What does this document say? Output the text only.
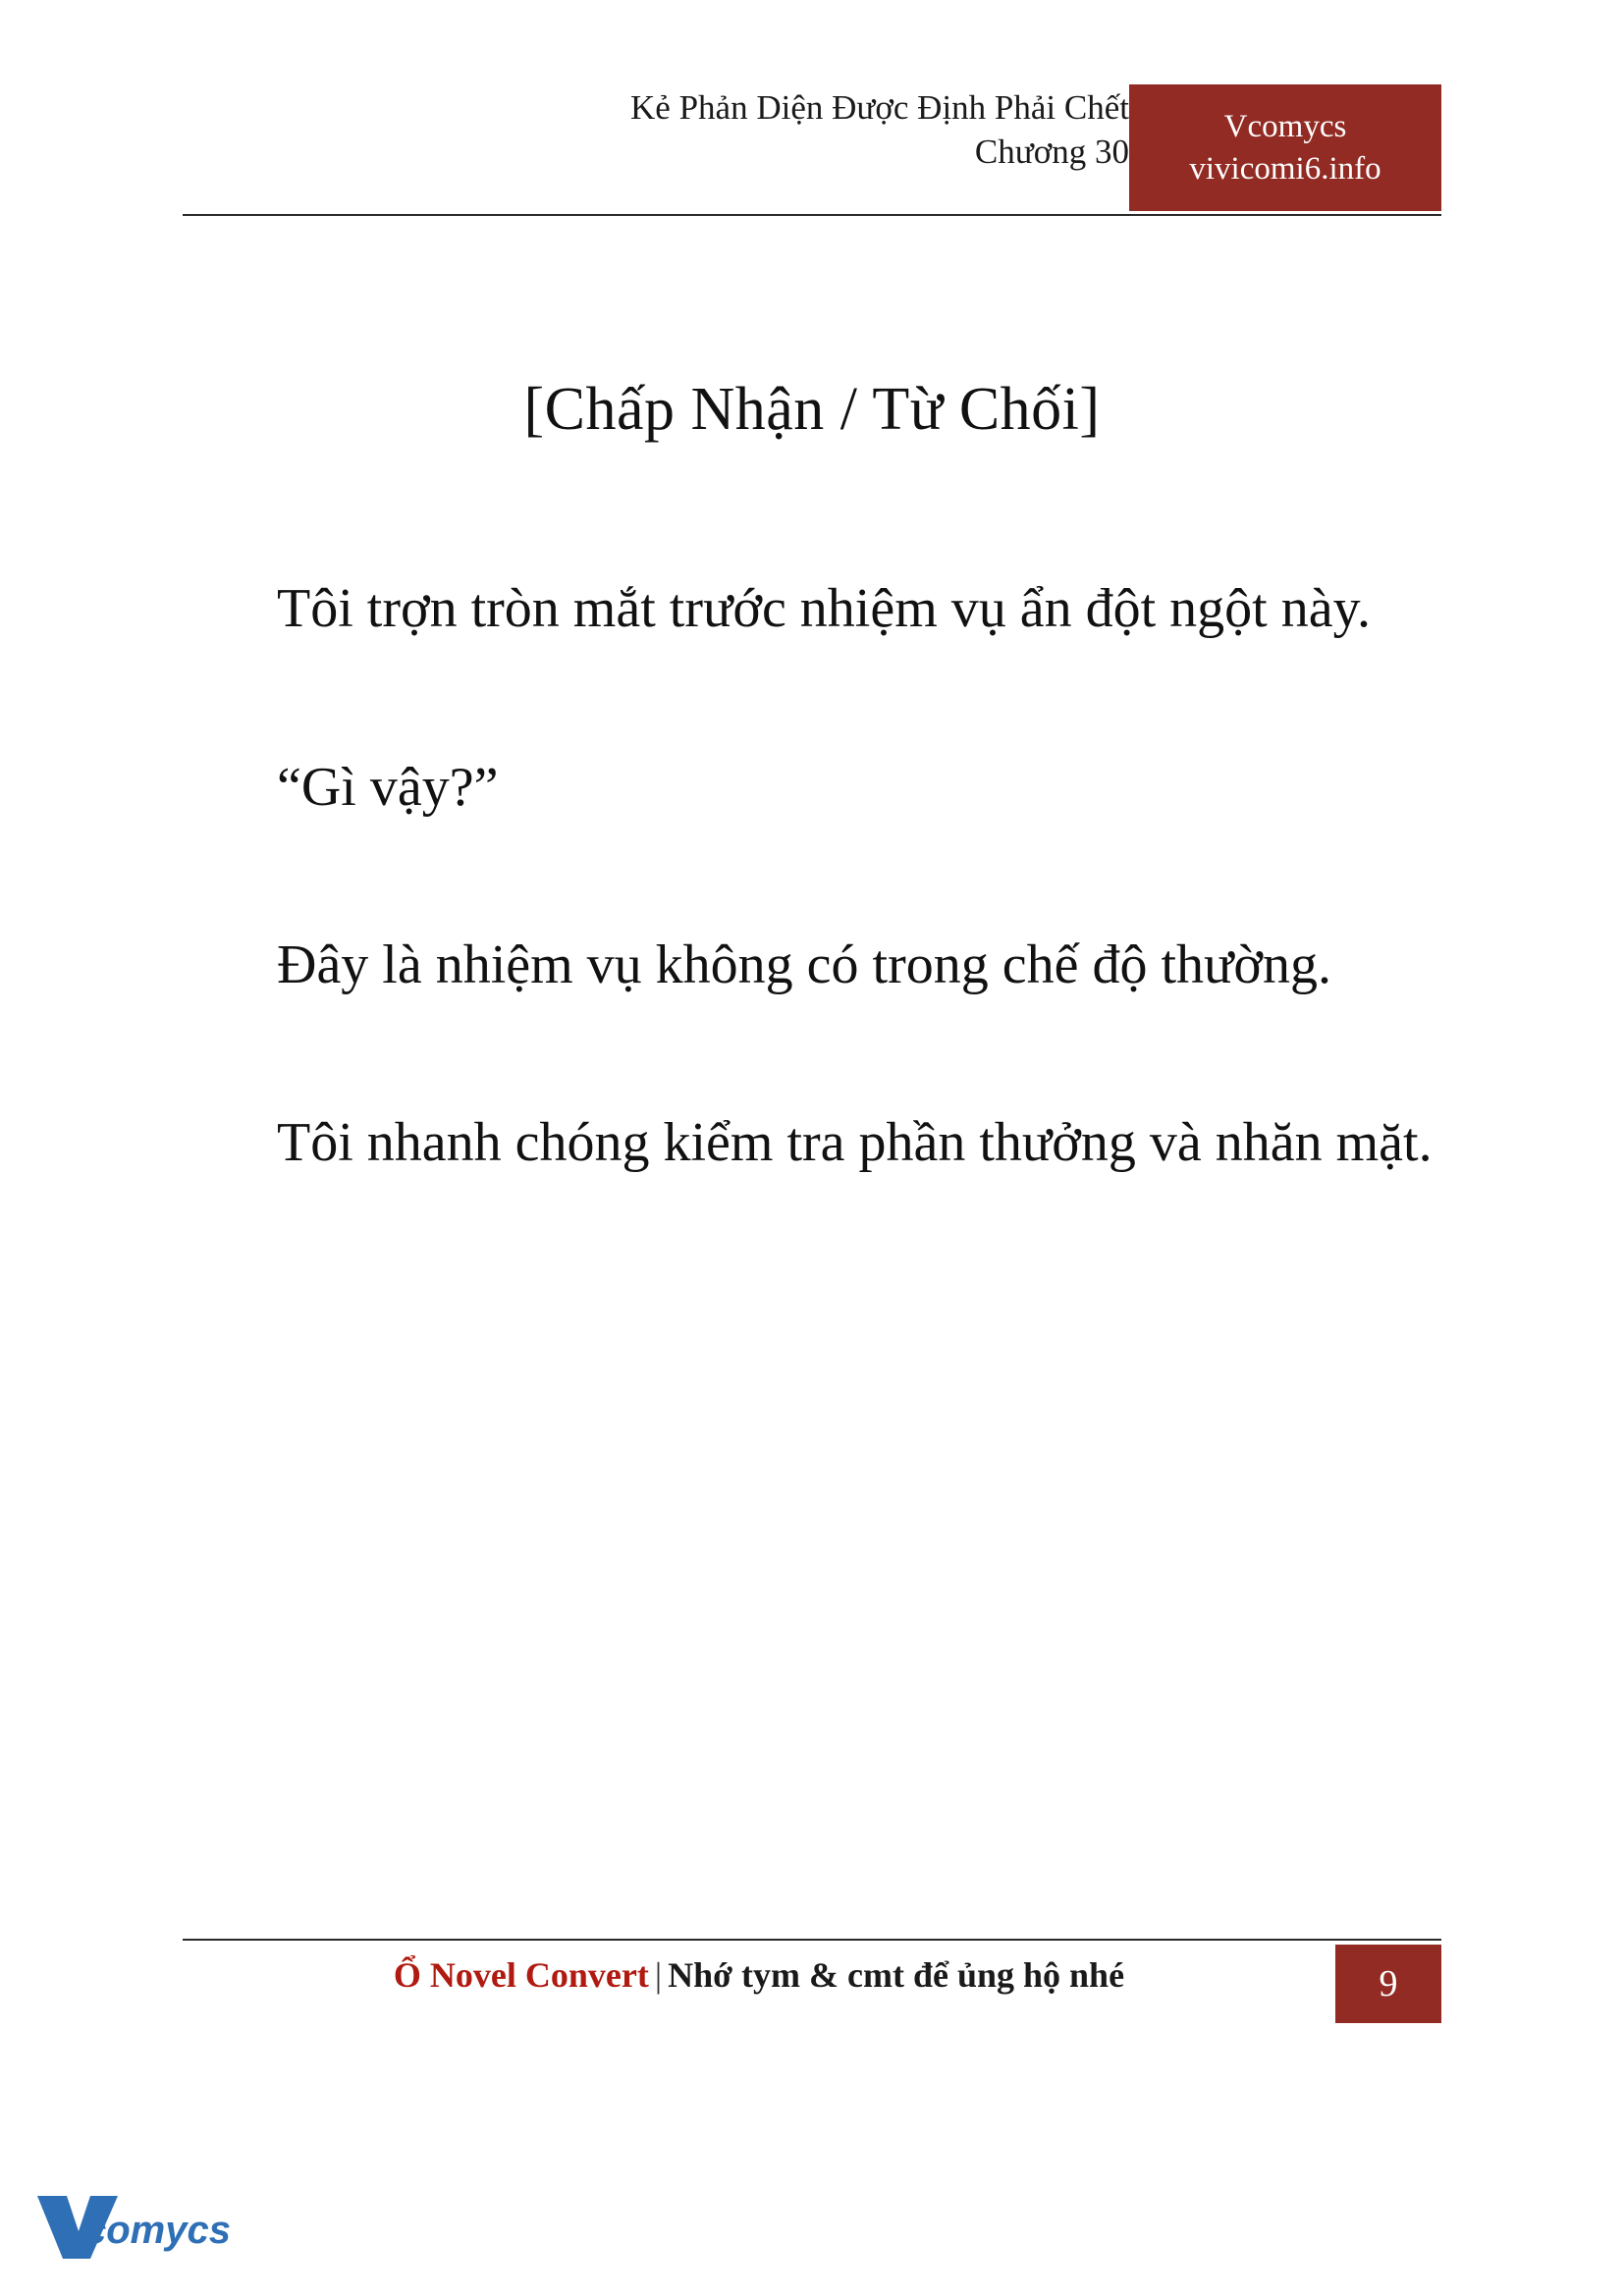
Kẻ Phản Diện Được Định Phải Chết
Chương 30
Vcomycs
vivicomi6.info
[Chấp Nhận / Từ Chối]

Tôi trợn tròn mắt trước nhiệm vụ ẩn đột ngột này.

“Gì vậy?”

Đây là nhiệm vụ không có trong chế độ thường.

Tôi nhanh chóng kiểm tra phần thưởng và nhăn mặt.

Ổ Novel Convert | Nhớ tym & cmt để ủng hộ nhé	9
comycs
